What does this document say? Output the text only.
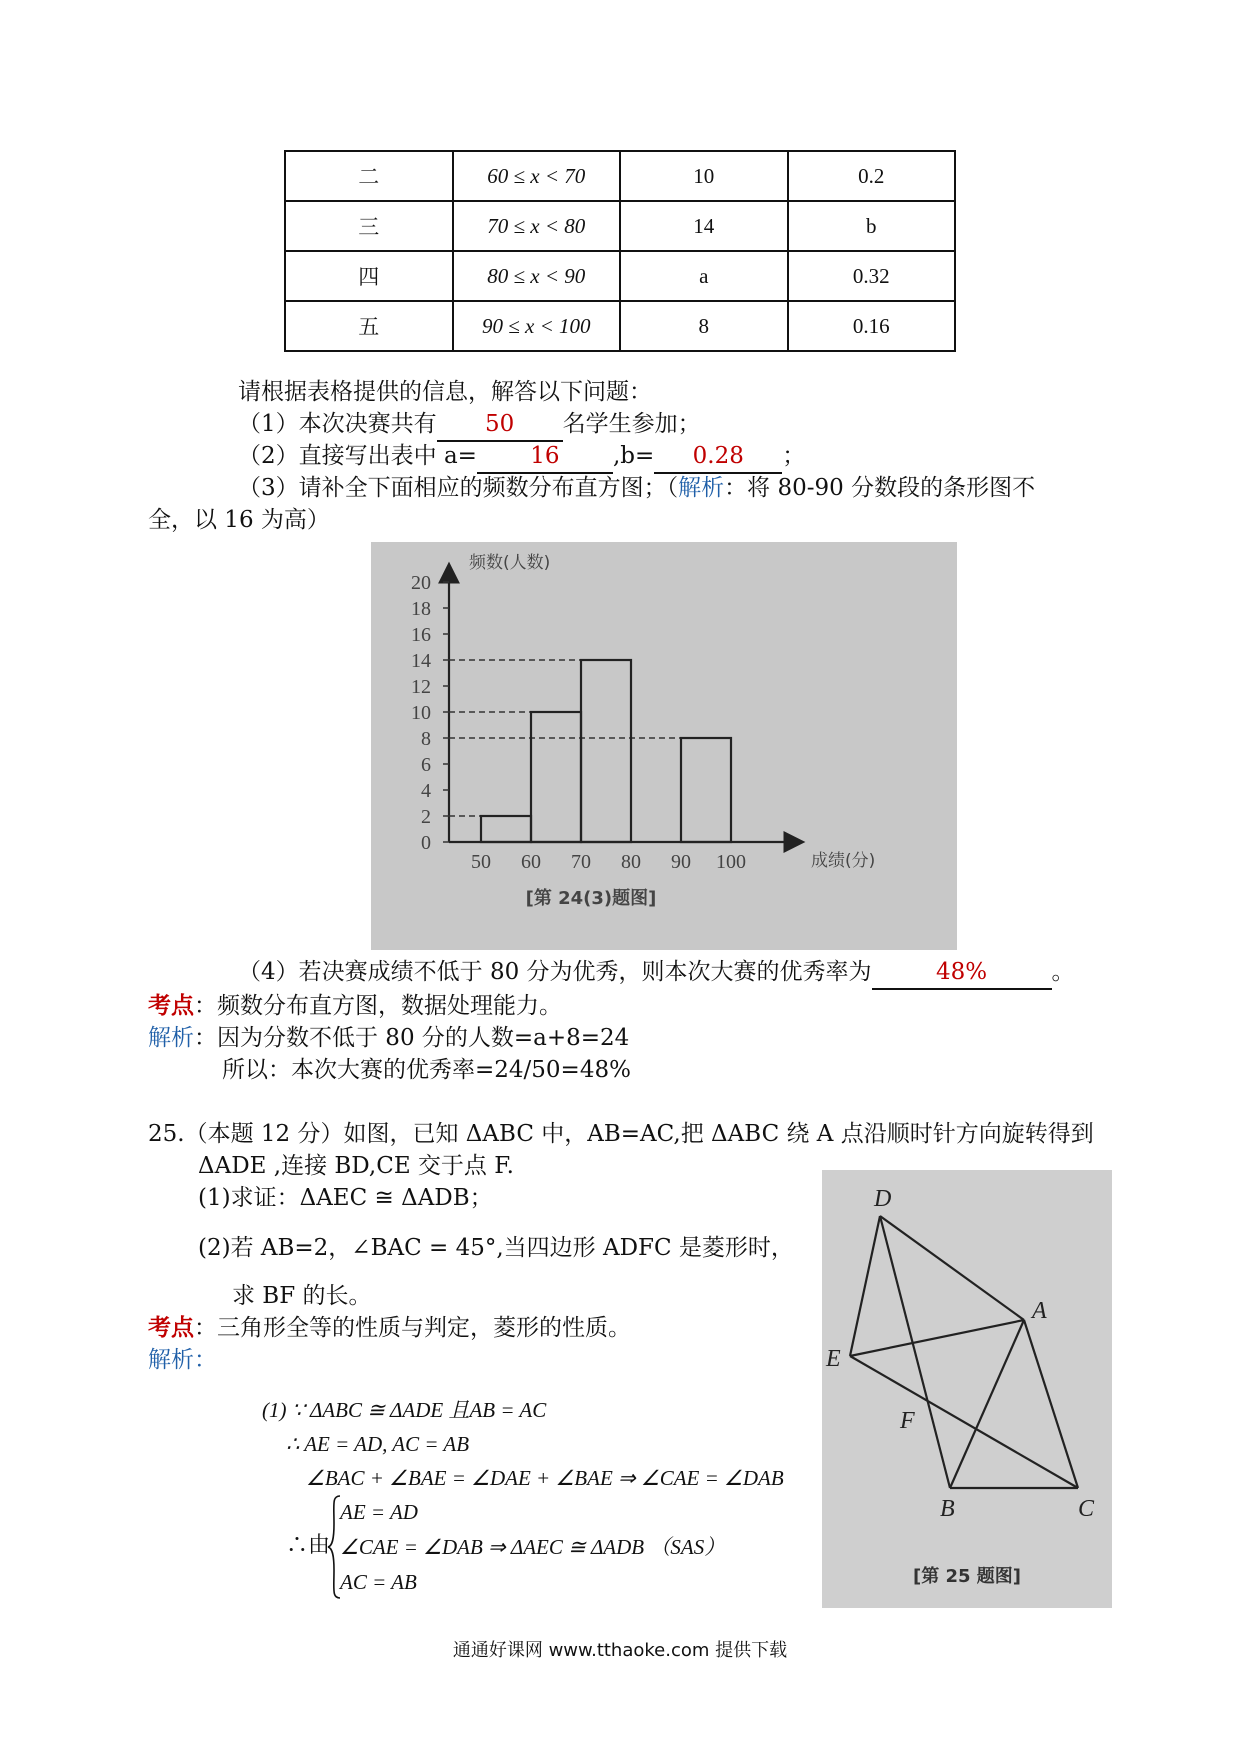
二	60 ≤ x < 70	10	0.2
三	70 ≤ x < 80	14	b
四	80 ≤ x < 90	a	0.32
五	90 ≤ x < 100	8	0.16
请根据表格提供的信息，解答以下问题：
（1）本次决赛共有 50 名学生参加；
（2）直接写出表中 a= 16 ,b= 0.28 ；
（3）请补全下面相应的频数分布直方图；（解析：将 80-90 分数段的条形图不
全，以 16 为高）
0
2
4
6
8
10
12
14
16
18
20
50 60 70 80 90 100
频数(人数)
成绩(分)
[第 24(3)题图]
（4）若决赛成绩不低于 80 分为优秀，则本次大赛的优秀率为	48%	。
考点：频数分布直方图，数据处理能力。
解析：因为分数不低于 80 分的人数=a+8=24
所以：本次大赛的优秀率=24/50=48%
25.（本题 12 分）如图，已知 ΔABC 中，AB=AC,把 ΔABC 绕 A 点沿顺时针方向旋转得到
ΔADE ,连接 BD,CE 交于点 F.
(1)求证：ΔAEC ≅ ΔADB；
(2)若 AB=2，∠BAC = 45°,当四边形 ADFC 是菱形时，
求 BF 的长。
考点：三角形全等的性质与判定，菱形的性质。
解析：
(1) ∵ ΔABC ≅ ΔADE 且AB = AC
∴ AE = AD, AC = AB
∠BAC + ∠BAE = ∠DAE + ∠BAE ⇒ ∠CAE = ∠DAB
∴由
AE = AD
∠CAE = ∠DAB ⇒ ΔAEC ≅ ΔADB （SAS）
AC = AB
D
A
E
F
B	C
[第 25 题图]
通通好课网 www.tthaoke.com 提供下载
